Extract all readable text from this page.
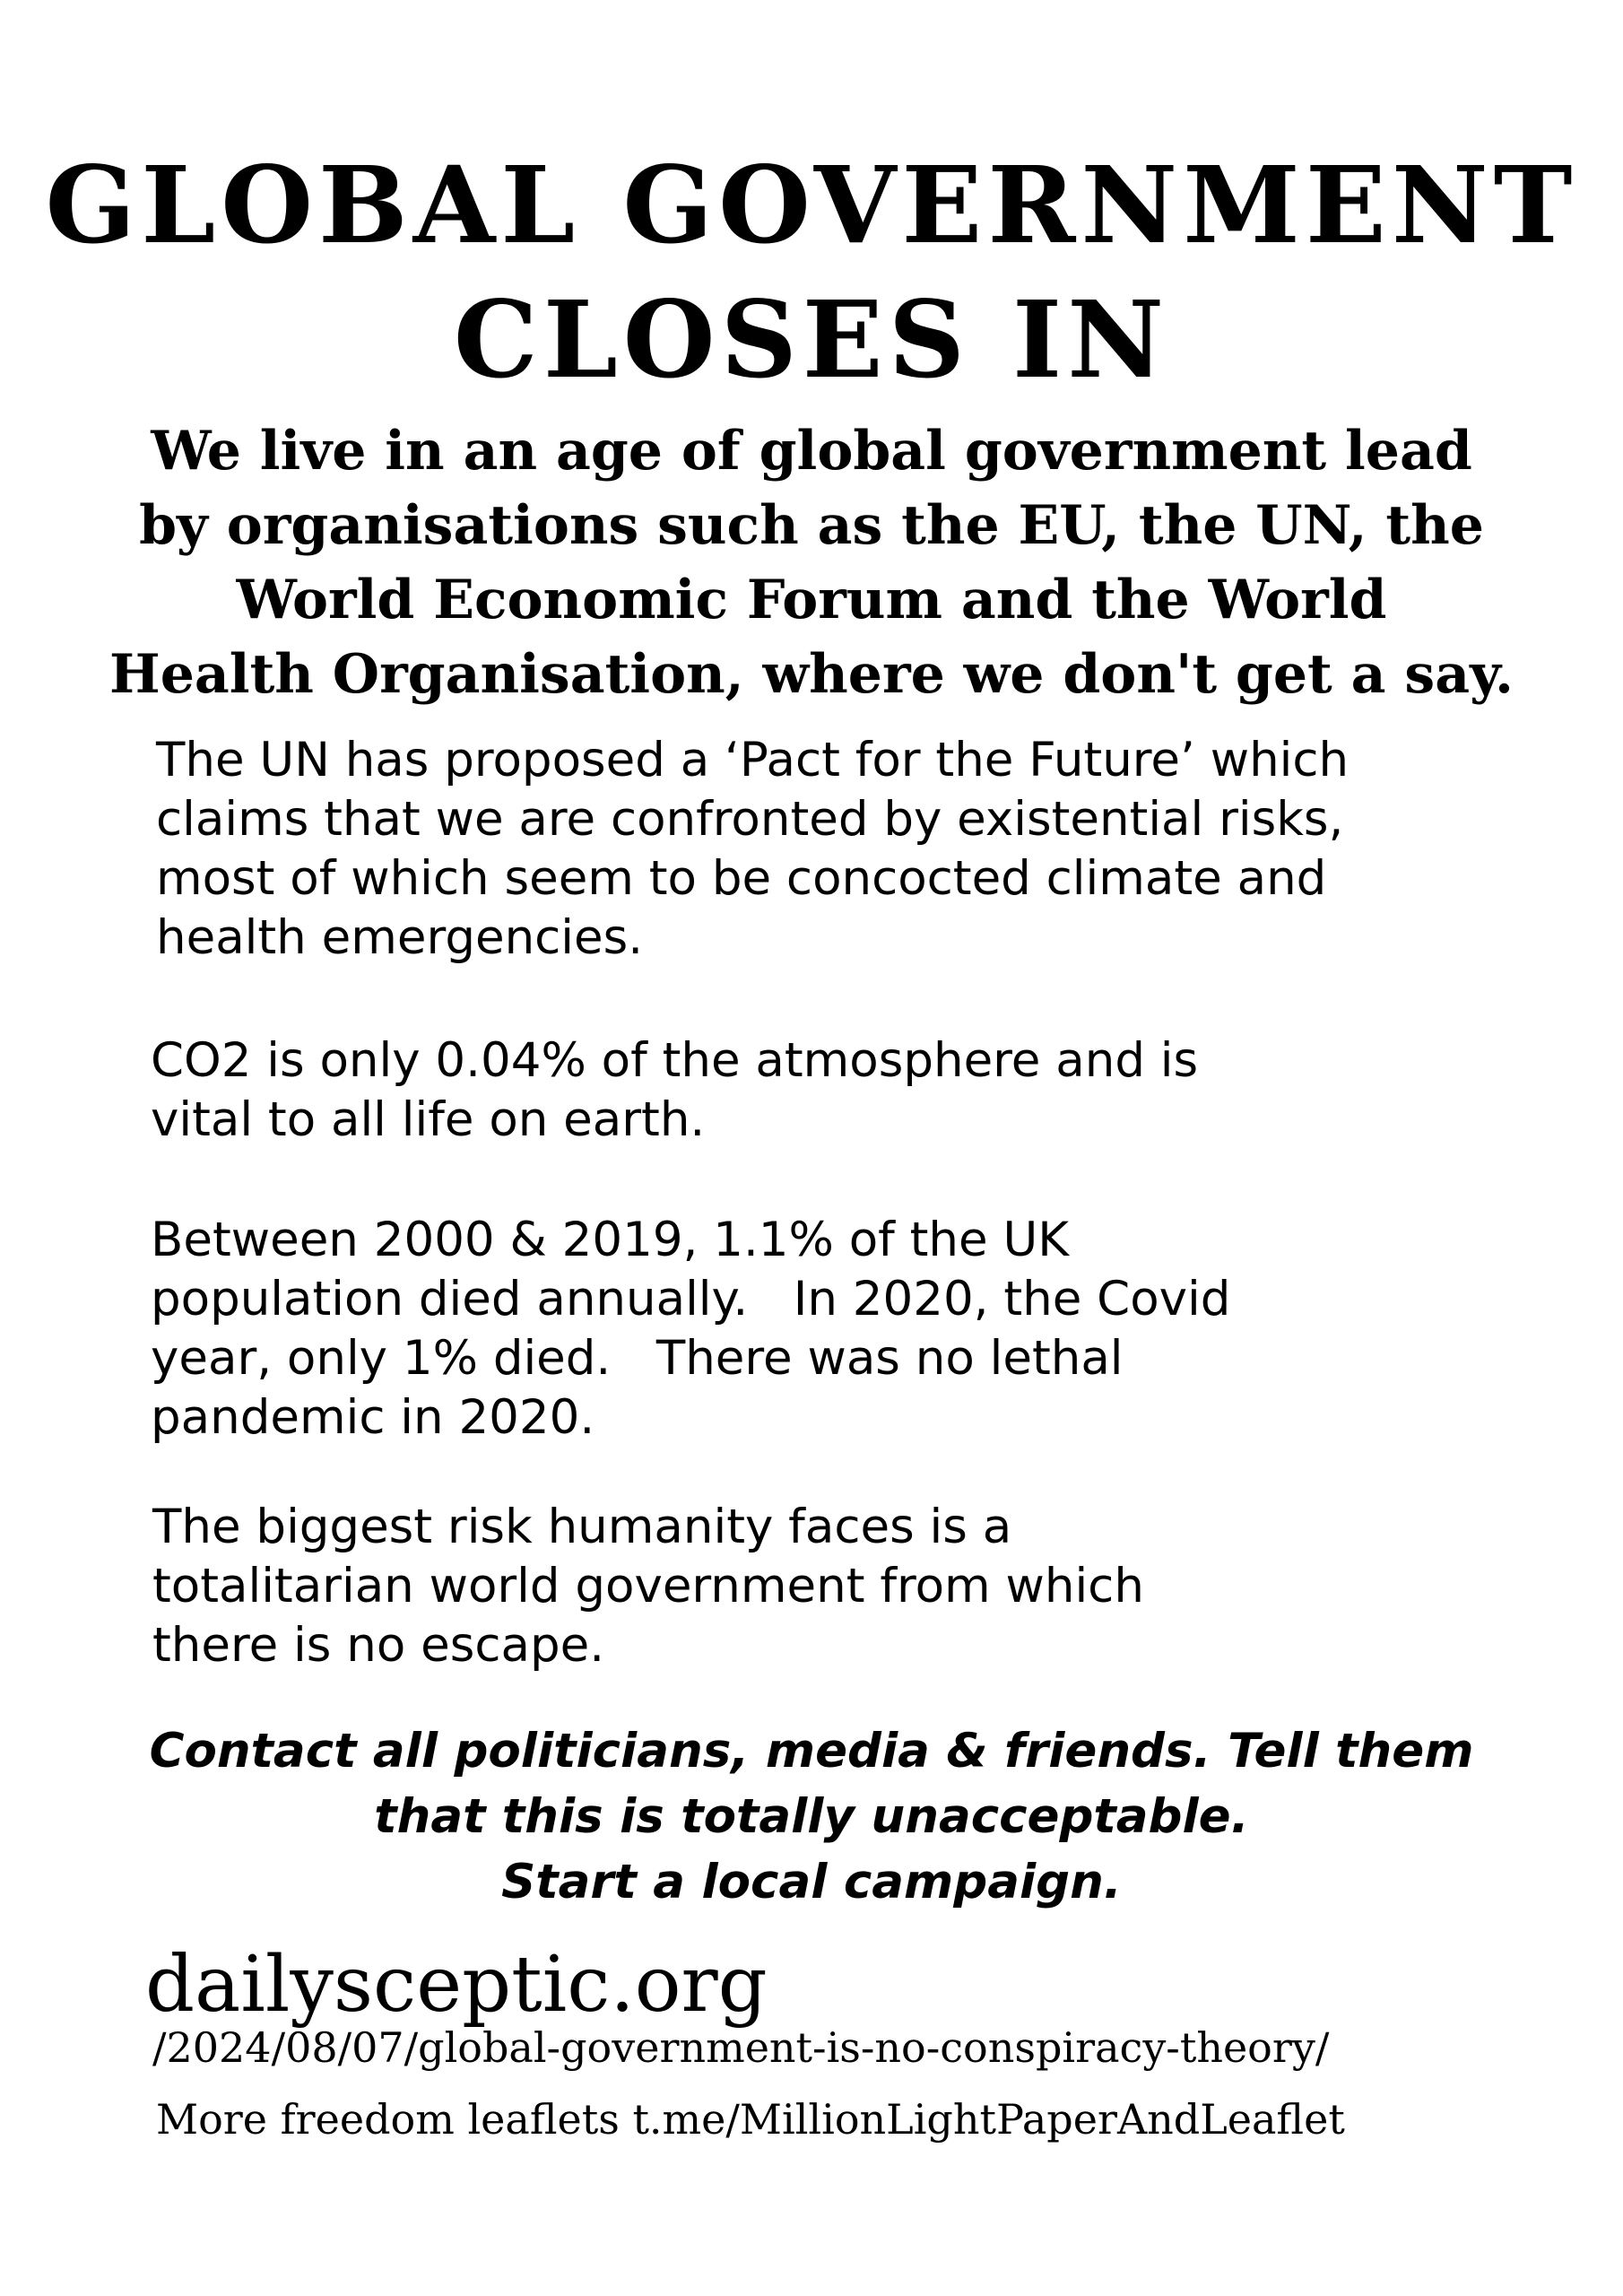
GLOBAL GOVERNMENT
CLOSES IN
We live in an age of global government lead
by organisations such as the EU, the UN, the
World Economic Forum and the World
Health Organisation, where we don't get a say.
The UN has proposed a ‘Pact for the Future’ which
claims that we are confronted by existential risks,
most of which seem to be concocted climate and
health emergencies.
CO2 is only 0.04% of the atmosphere and is
vital to all life on earth.
Between 2000 & 2019, 1.1% of the UK
population died annually.   In 2020, the Covid
year, only 1% died.   There was no lethal
pandemic in 2020.
The biggest risk humanity faces is a
totalitarian world government from which
there is no escape.
Contact all politicians, media & friends. Tell them
that this is totally unacceptable.
Start a local campaign.

dailysceptic.org

/2024/08/07/global-government-is-no-conspiracy-theory/

More freedom leaflets t.me/MillionLightPaperAndLeaflet
